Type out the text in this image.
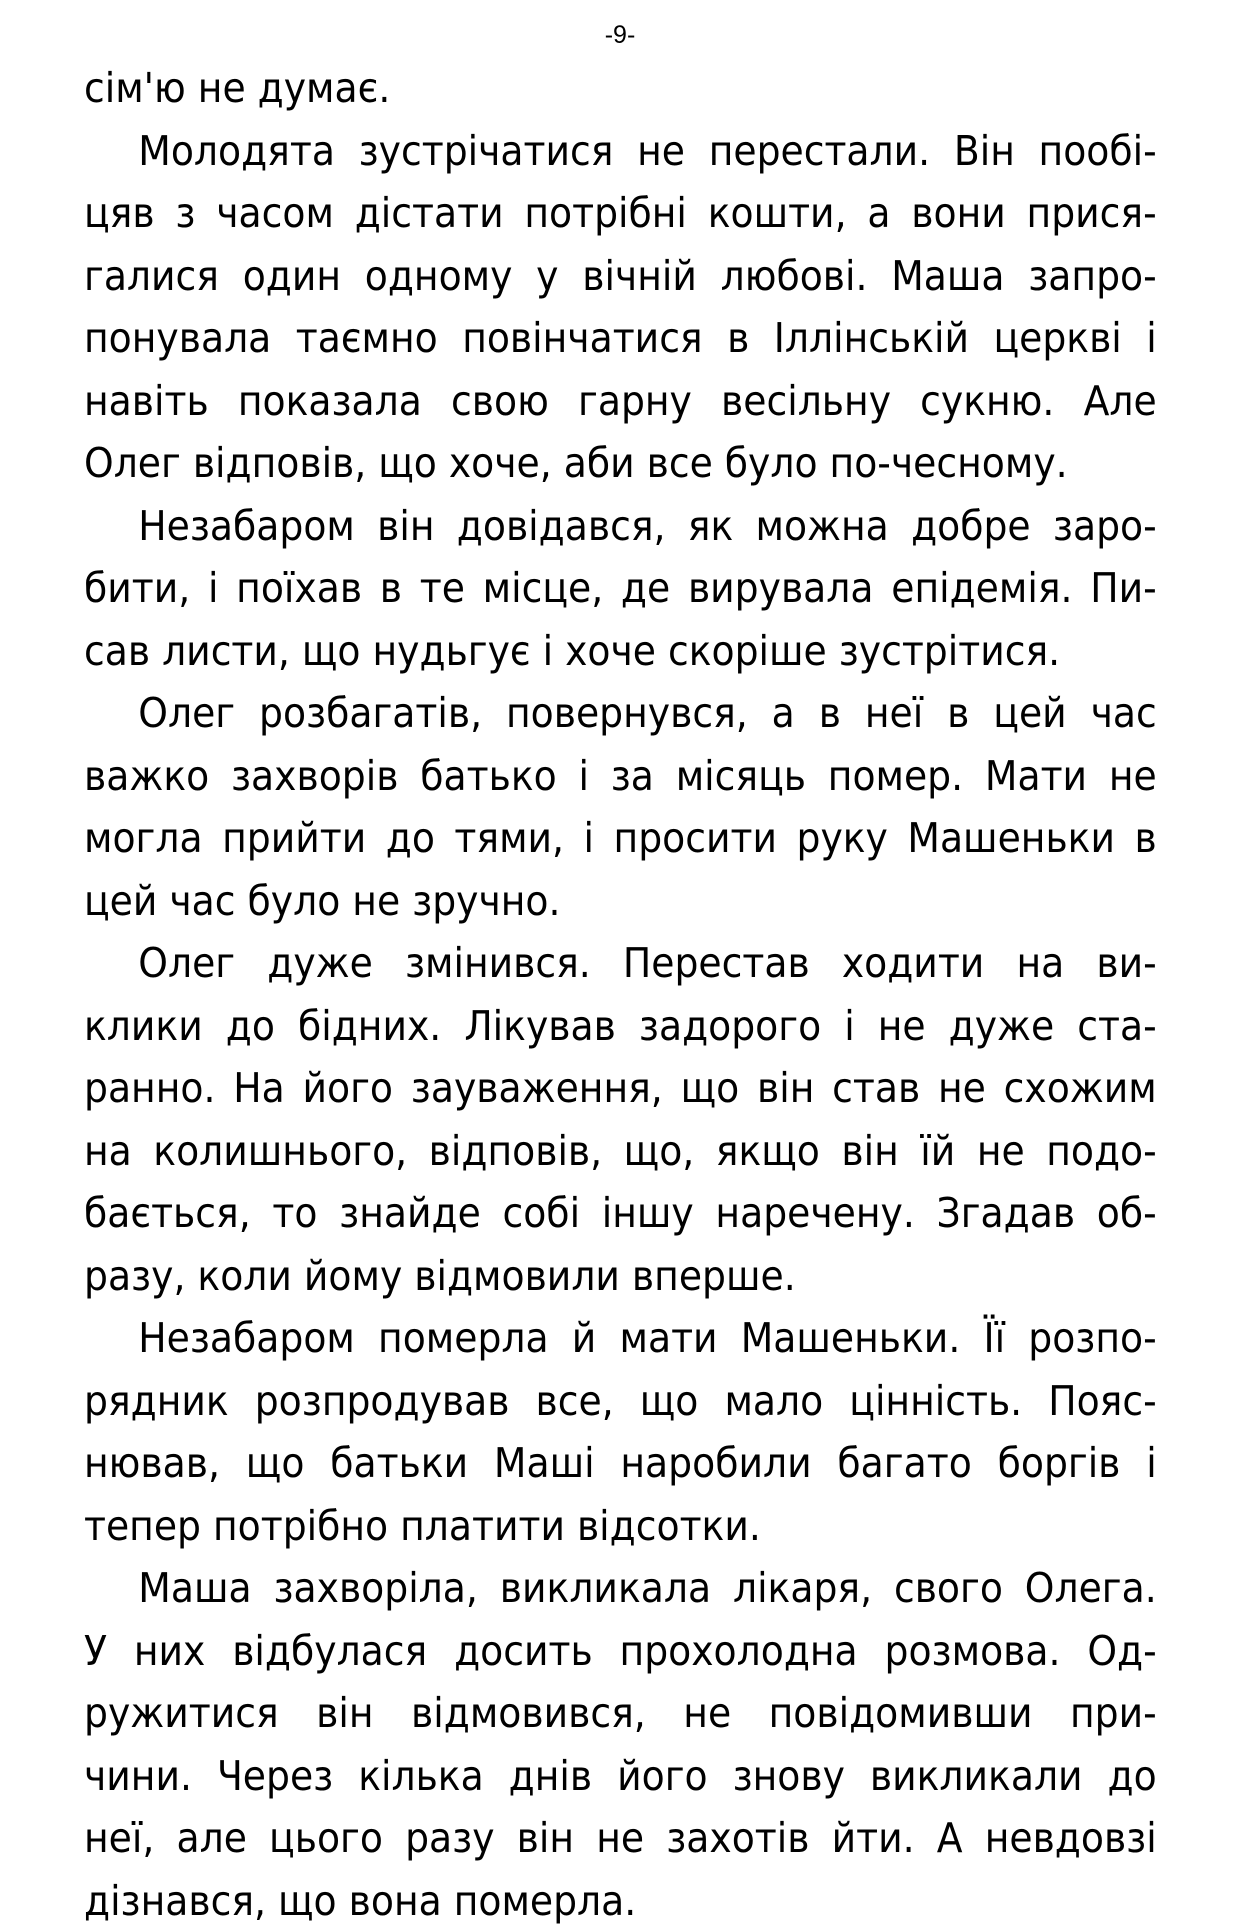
-9-
сім'ю не думає.
Молодята зустрічатися не перестали. Він пообі-
цяв з часом дістати потрібні кошти, а вони прися-
галися один одному у вічній любові. Маша запро-
понувала таємно повінчатися в Іллінській церкві і
навіть показала свою гарну весільну сукню. Але
Олег відповів, що хоче, аби все було по-чесному.
Незабаром він довідався, як можна добре заро-
бити, і поїхав в те місце, де вирувала епідемія. Пи-
сав листи, що нудьгує і хоче скоріше зустрітися.
Олег розбагатів, повернувся, а в неї в цей час
важко захворів батько і за місяць помер. Мати не
могла прийти до тями, і просити руку Машеньки в
цей час було не зручно.
Олег дуже змінився. Перестав ходити на ви-
клики до бідних. Лікував задорого і не дуже ста-
ранно. На його зауваження, що він став не схожим
на колишнього, відповів, що, якщо він їй не подо-
бається, то знайде собі іншу наречену. Згадав об-
разу, коли йому відмовили вперше.
Незабаром померла й мати Машеньки. Її розпо-
рядник розпродував все, що мало цінність. Пояс-
нював, що батьки Маші наробили багато боргів і
тепер потрібно платити відсотки.
Маша захворіла, викликала лікаря, свого Олега.
У них відбулася досить прохолодна розмова. Од-
ружитися він відмовився, не повідомивши при-
чини. Через кілька днів його знову викликали до
неї, але цього разу він не захотів йти. А невдовзі
дізнався, що вона померла.
